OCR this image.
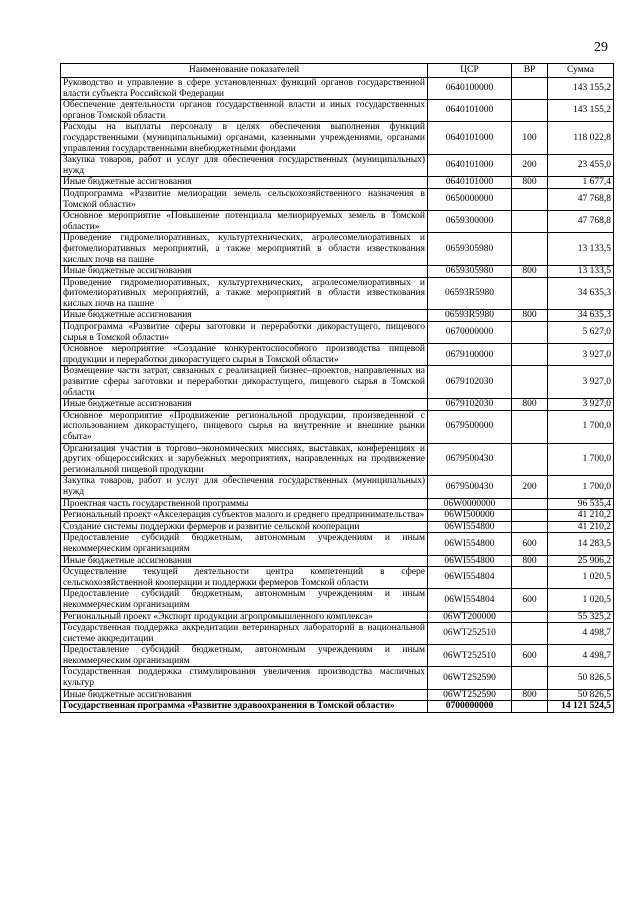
29
Наименование показателей	ЦСР	ВР	Сумма
Руководство и управление в сфере установленных функций органов государственной власти субъекта Российской Федерации	0640100000		143 155,2
Обеспечение деятельности органов государственной власти и иных государственных органов Томской области	0640101000		143 155,2
Расходы на выплаты персоналу в целях обеспечения выполнения функций государственными (муниципальными) органами, казенными учреждениями, органами управления государственными внебюджетными фондами	0640101000	100	118 022,8
Закупка товаров, работ и услуг для обеспечения государственных (муниципальных) нужд	0640101000	200	23 455,0
Иные бюджетные ассигнования	0640101000	800	1 677,4
Подпрограмма «Развитие мелиорации земель сельскохозяйственного назначения в Томской области»	0650000000		47 768,8
Основное мероприятие «Повышение потенциала мелиорируемых земель в Томской области»	0659300000		47 768,8
Проведение гидромелиоративных, культуртехнических, агролесомелиоративных и фитомелиоративных мероприятий, а также мероприятий в области известкования кислых почв на пашне	0659305980		13 133,5
Иные бюджетные ассигнования	0659305980	800	13 133,5
Проведение гидромелиоративных, культуртехнических, агролесомелиоративных и фитомелиоративных мероприятий, а также мероприятий в области известкования кислых почв на пашне	06593R5980		34 635,3
Иные бюджетные ассигнования	06593R5980	800	34 635,3
Подпрограмма «Развитие сферы заготовки и переработки дикорастущего, пищевого сырья в Томской области»	0670000000		5 627,0
Основное мероприятие «Создание конкурентоспособного производства пищевой продукции и переработки дикорастущего сырья в Томской области»	0679100000		3 927,0
Возмещение части затрат, связанных с реализацией бизнес–проектов, направленных на развитие сферы заготовки и переработки дикорастущего, пищевого сырья в Томской области	0679102030		3 927,0
Иные бюджетные ассигнования	0679102030	800	3 927,0
Основное мероприятие «Продвижение региональной продукции, произведенной с использованием дикорастущего, пищевого сырья на внутренние и внешние рынки сбыта»	0679500000		1 700,0
Организация участия в торгово–экономических миссиях, выставках, конференциях и других общероссийских и зарубежных мероприятиях, направленных на продвижение региональной пищевой продукции	0679500430		1 700,0
Закупка товаров, работ и услуг для обеспечения государственных (муниципальных) нужд	0679500430	200	1 700,0
Проектная часть государственной программы	06W0000000		96 535,4
Региональный проект «Акселерация субъектов малого и среднего предпринимательства»	06WI500000		41 210,2
Создание системы поддержки фермеров и развитие сельской кооперации	06WI554800		41 210,2
Предоставление субсидий бюджетным, автономным учреждениям и иным некоммерческим организациям	06WI554800	600	14 283,5
Иные бюджетные ассигнования	06WI554800	800	25 906,2
Осуществление текущей деятельности центра компетенций в сфере сельскохозяйственной кооперации и поддержки фермеров Томской области	06WI554804		1 020,5
Предоставление субсидий бюджетным, автономным учреждениям и иным некоммерческим организациям	06WI554804	600	1 020,5
Региональный проект «Экспорт продукции агропромышленного комплекса»	06WT200000		55 325,2
Государственная поддержка аккредитации ветеринарных лабораторий в национальной системе аккредитации	06WT252510		4 498,7
Предоставление субсидий бюджетным, автономным учреждениям и иным некоммерческим организациям	06WT252510	600	4 498,7
Государственная поддержка стимулирования увеличения производства масличных культур	06WT252590		50 826,5
Иные бюджетные ассигнования	06WT252590	800	50 826,5
Государственная программа «Развитие здравоохранения в Томской области»	0700000000		14 121 524,5
